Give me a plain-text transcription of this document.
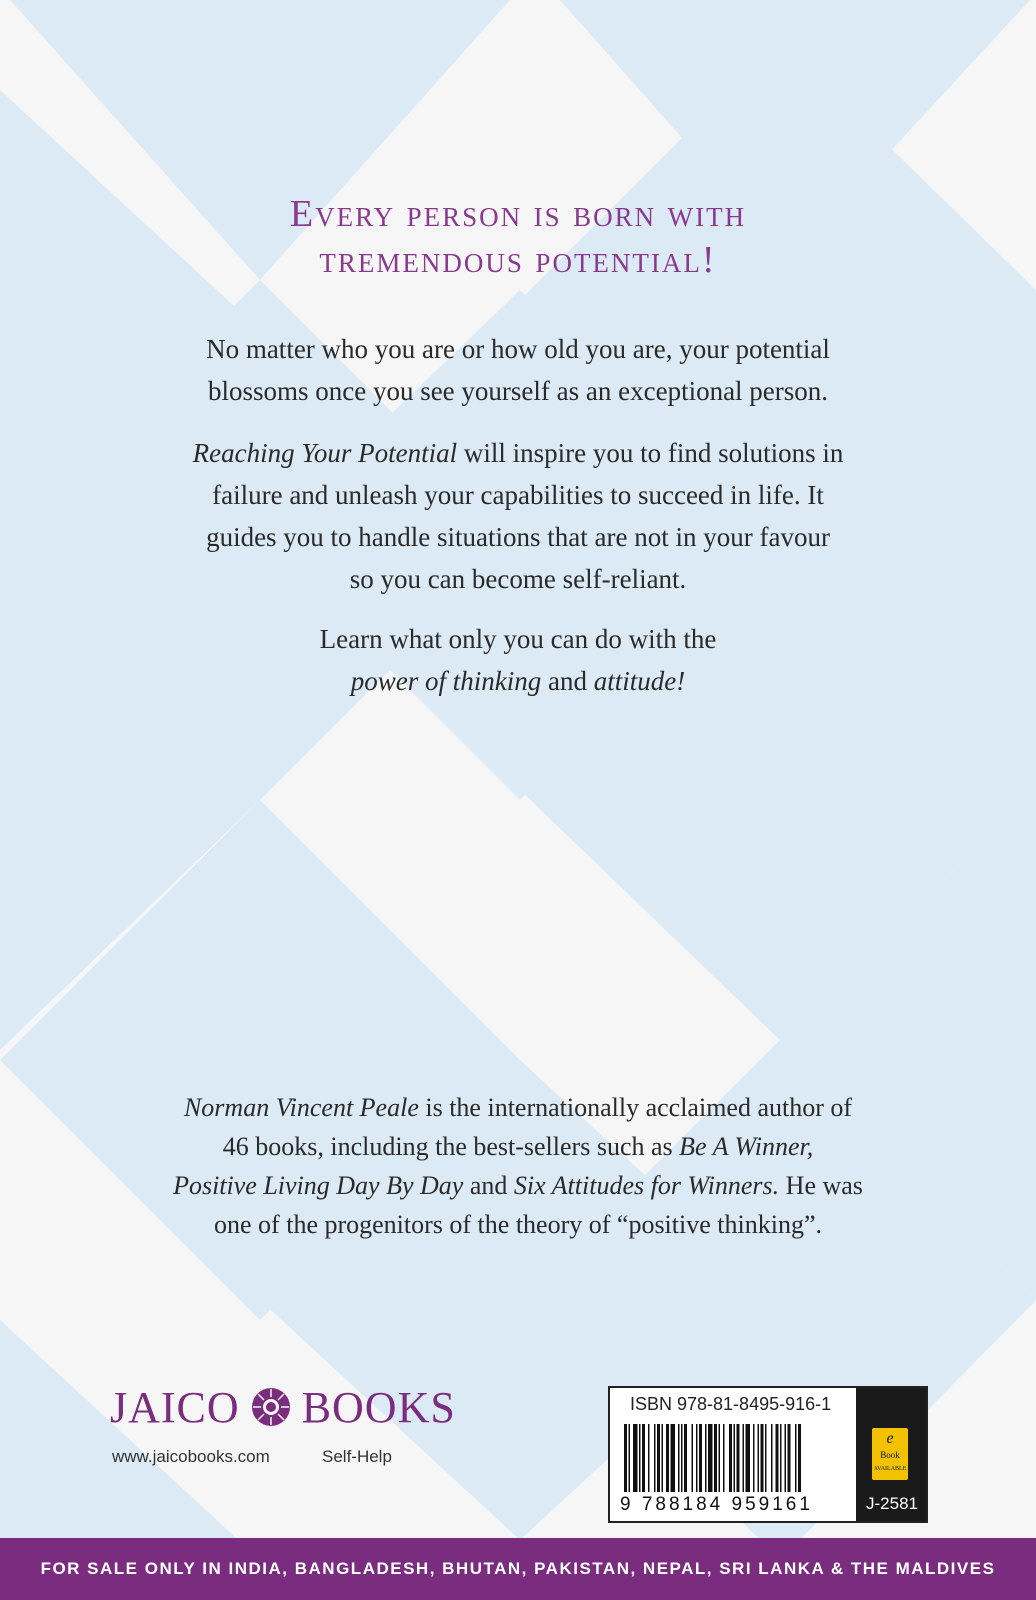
Every person is born with
tremendous potential!
No matter who you are or how old you are, your potential
blossoms once you see yourself as an exceptional person.
Reaching Your Potential will inspire you to find solutions in
failure and unleash your capabilities to succeed in life. It
guides you to handle situations that are not in your favour
so you can become self-reliant.
Learn what only you can do with the
power of thinking and attitude!
Norman Vincent Peale is the internationally acclaimed author of
46 books, including the best-sellers such as Be A Winner,
Positive Living Day By Day and Six Attitudes for Winners. He was
one of the progenitors of the theory of “positive thinking”.
JAICO BOOKS
www.jaicobooks.com	Self-Help
ISBN 978-81-8495-916-1
9 788184 959161
e
Book
AVAILABLE
J-2581
FOR SALE ONLY IN INDIA, BANGLADESH, BHUTAN, PAKISTAN, NEPAL, SRI LANKA & THE MALDIVES
